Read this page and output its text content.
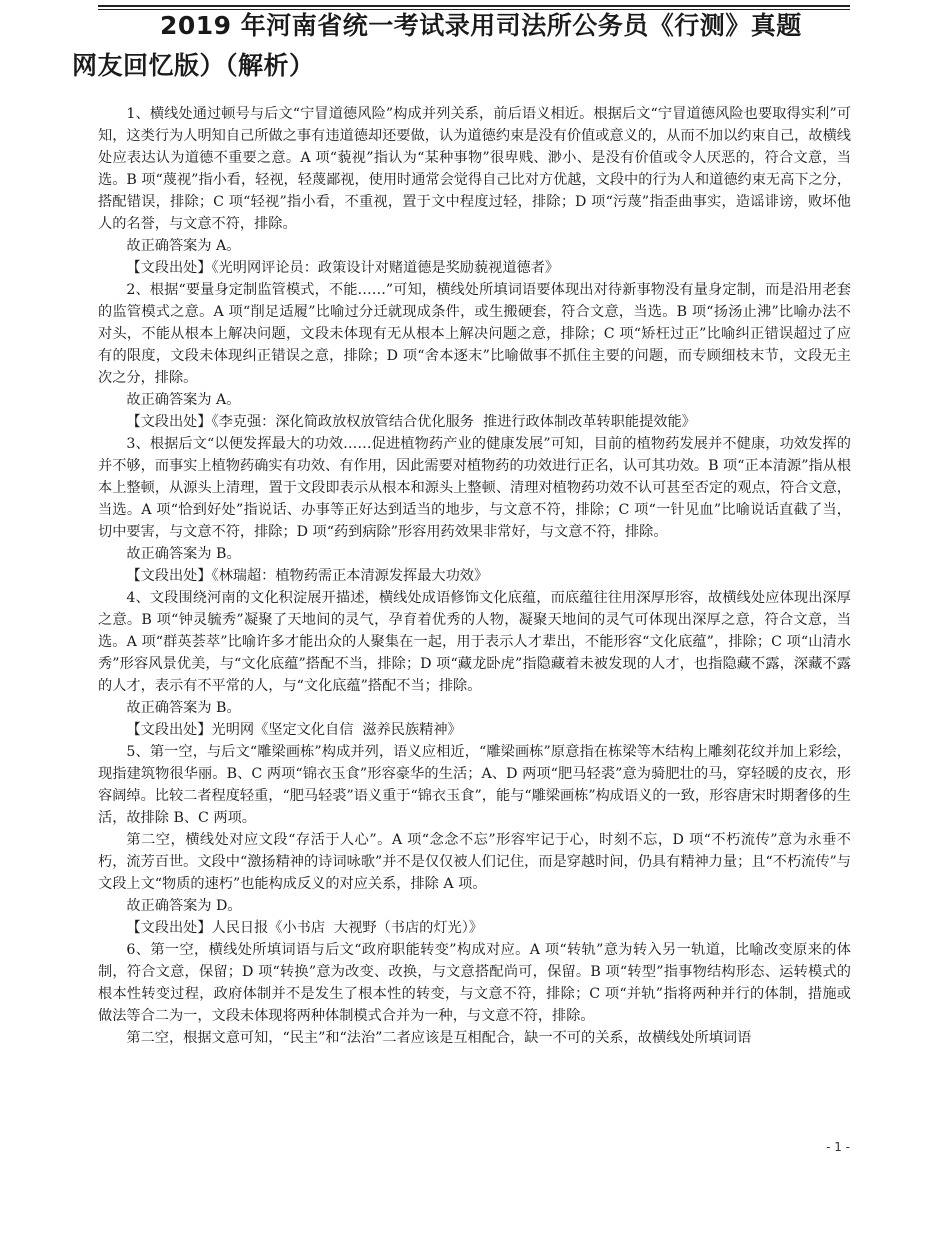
2019 年河南省统一考试录用司法所公务员《行测》真题
网友回忆版）（解析）

1、横线处通过顿号与后文“宁冒道德风险”构成并列关系，前后语义相近。根据后文“宁冒道德风险也要取得实利”可知，这类行为人明知自己所做之事有违道德却还要做，认为道德约束是没有价值或意义的，从而不加以约束自己，故横线处应表达认为道德不重要之意。A 项“藐视”指认为“某种事物”很卑贱、渺小、是没有价值或令人厌恶的，符合文意，当选。B 项“蔑视”指小看，轻视，轻蔑鄙视，使用时通常会觉得自己比对方优越，文段中的行为人和道德约束无高下之分，搭配错误，排除；C 项“轻视”指小看，不重视，置于文中程度过轻，排除；D 项“污蔑”指歪曲事实，造谣诽谤，败坏他人的名誉，与文意不符，排除。

故正确答案为 A。

【文段出处】《光明网评论员：政策设计对赌道德是奖励藐视道德者》

2、根据“要量身定制监管模式，不能……”可知，横线处所填词语要体现出对待新事物没有量身定制，而是沿用老套的监管模式之意。A 项“削足适履”比喻过分迁就现成条件，或生搬硬套，符合文意，当选。B 项“扬汤止沸”比喻办法不对头，不能从根本上解决问题，文段未体现有无从根本上解决问题之意，排除；C 项“矫枉过正”比喻纠正错误超过了应有的限度，文段未体现纠正错误之意，排除；D 项“舍本逐末”比喻做事不抓住主要的问题，而专顾细枝末节，文段无主次之分，排除。

故正确答案为 A。

【文段出处】《李克强：深化简政放权放管结合优化服务  推进行政体制改革转职能提效能》

3、根据后文“以便发挥最大的功效……促进植物药产业的健康发展”可知，目前的植物药发展并不健康，功效发挥的并不够，而事实上植物药确实有功效、有作用，因此需要对植物药的功效进行正名，认可其功效。B 项“正本清源”指从根本上整顿，从源头上清理，置于文段即表示从根本和源头上整顿、清理对植物药功效不认可甚至否定的观点，符合文意，当选。A 项“恰到好处”指说话、办事等正好达到适当的地步，与文意不符，排除；C 项“一针见血”比喻说话直截了当，切中要害，与文意不符，排除；D 项“药到病除”形容用药效果非常好，与文意不符，排除。

故正确答案为 B。

【文段出处】《林瑞超：植物药需正本清源发挥最大功效》

4、文段围绕河南的文化积淀展开描述，横线处成语修饰文化底蕴，而底蕴往往用深厚形容，故横线处应体现出深厚之意。B 项“钟灵毓秀”凝聚了天地间的灵气，孕育着优秀的人物，凝聚天地间的灵气可体现出深厚之意，符合文意，当选。A 项“群英荟萃”比喻许多才能出众的人聚集在一起，用于表示人才辈出，不能形容“文化底蕴”，排除；C 项“山清水秀”形容风景优美，与“文化底蕴”搭配不当，排除；D 项“藏龙卧虎”指隐藏着未被发现的人才，也指隐藏不露，深藏不露的人才，表示有不平常的人，与“文化底蕴”搭配不当；排除。

故正确答案为 B。

【文段出处】光明网《坚定文化自信  滋养民族精神》

5、第一空，与后文“雕梁画栋”构成并列，语义应相近，“雕梁画栋”原意指在栋梁等木结构上雕刻花纹并加上彩绘，现指建筑物很华丽。B、C 两项“锦衣玉食”形容豪华的生活；A、D 两项“肥马轻裘”意为骑肥壮的马，穿轻暖的皮衣，形容阔绰。比较二者程度轻重，“肥马轻裘”语义重于“锦衣玉食”，能与“雕梁画栋”构成语义的一致，形容唐宋时期奢侈的生活，故排除 B、C 两项。

第二空，横线处对应文段“存活于人心”。A 项“念念不忘”形容牢记于心，时刻不忘，D 项“不朽流传”意为永垂不朽，流芳百世。文段中“激扬精神的诗词咏歌”并不是仅仅被人们记住，而是穿越时间，仍具有精神力量；且“不朽流传”与文段上文“物质的速朽”也能构成反义的对应关系，排除 A 项。

故正确答案为 D。

【文段出处】人民日报《小书店  大视野（书店的灯光）》

6、第一空，横线处所填词语与后文“政府职能转变”构成对应。A 项“转轨”意为转入另一轨道，比喻改变原来的体制，符合文意，保留；D 项“转换”意为改变、改换，与文意搭配尚可，保留。B 项“转型”指事物结构形态、运转模式的根本性转变过程，政府体制并不是发生了根本性的转变，与文意不符，排除；C 项“并轨”指将两种并行的体制，措施或做法等合二为一，文段未体现将两种体制模式合并为一种，与文意不符，排除。

第二空，根据文意可知，“民主”和“法治”二者应该是互相配合，缺一不可的关系，故横线处所填词语

- 1 -
